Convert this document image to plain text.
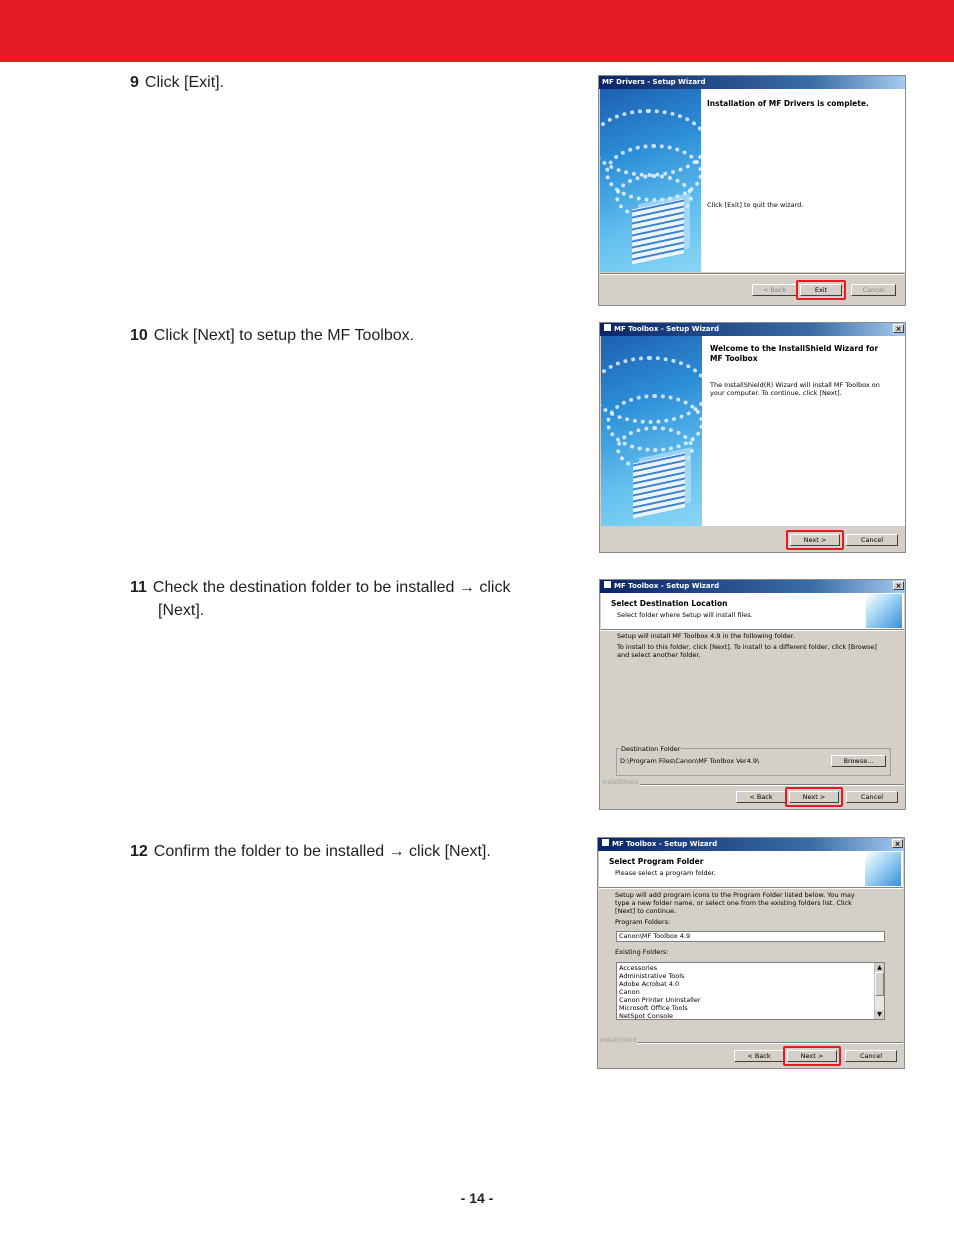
9 Click [Exit].
10 Click [Next] to setup the MF Toolbox.
11 Check the destination folder to be installed → click
[Next].
12 Confirm the folder to be installed → click [Next].
MF Drivers - Setup Wizard
Installation of MF Drivers is complete.
Click [Exit] to quit the wizard.
< Back	Exit	Cancel
MF Toolbox - Setup Wizard	×
Welcome to the InstallShield Wizard for MF Toolbox
The InstallShield(R) Wizard will install MF Toolbox on your computer. To continue, click [Next].
Next >	Cancel
MF Toolbox - Setup Wizard	×
Select Destination Location
Select folder where Setup will install files.
Setup will install MF Toolbox 4.9 in the following folder.
To install to this folder, click [Next]. To install to a different folder, click [Browse] and select another folder.
Destination Folder
D:\Program Files\Canon\MF Toolbox Ver4.9\	Browse...
InstallShield
< Back	Next >	Cancel
MF Toolbox - Setup Wizard	×
Select Program Folder
Please select a program folder.
Setup will add program icons to the Program Folder listed below. You may type a new folder name, or select one from the existing folders list. Click [Next] to continue.
Program Folders:
Canon\MF Toolbox 4.9
Existing Folders:
Accessories
Administrative Tools
Adobe Acrobat 4.0
Canon
Canon Printer Uninstaller
Microsoft Office Tools
NetSpot Console
▲
▼
InstallShield
< Back	Next >	Cancel
- 14 -
